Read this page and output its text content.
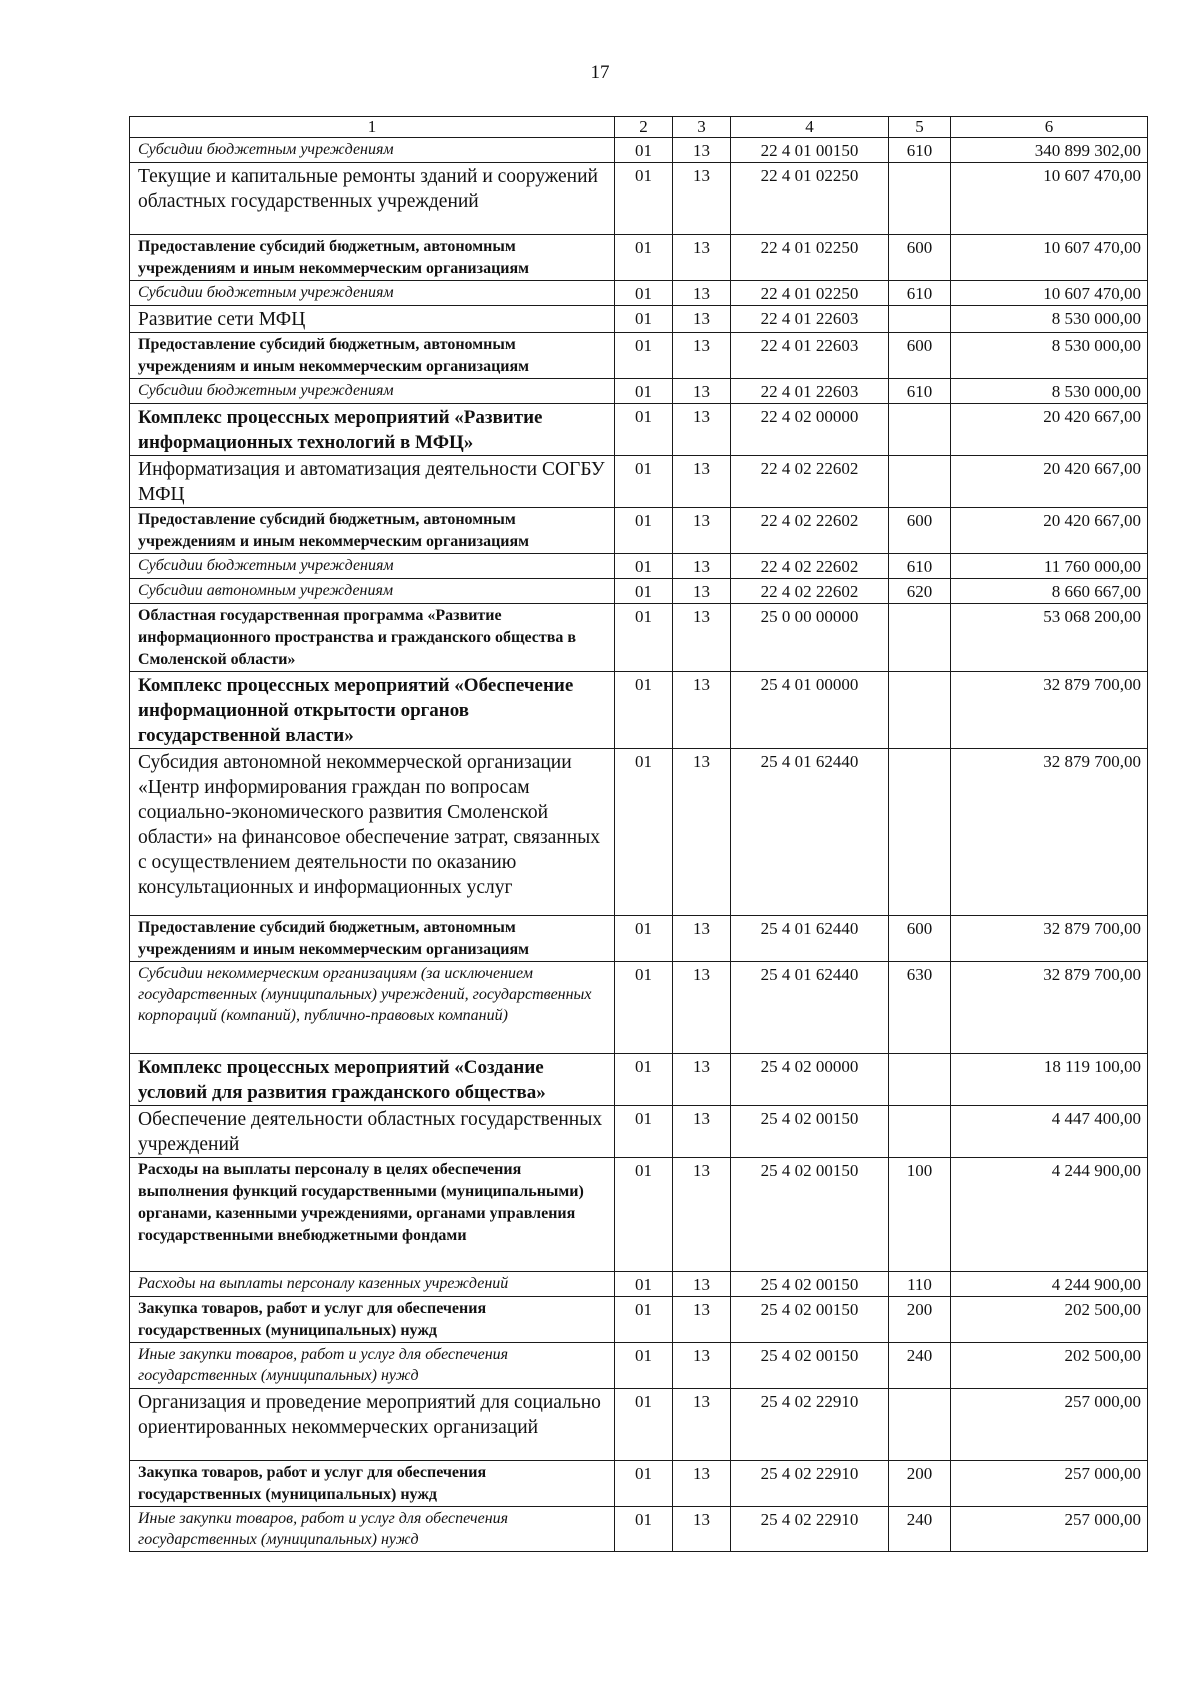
17
1	2	3	4	5	6
Субсидии бюджетным учреждениям	01	13	22 4 01 00150	610	340 899 302,00
Текущие и капитальные ремонты зданий и сооружений областных государственных учреждений	01	13	22 4 01 02250		10 607 470,00
Предоставление субсидий бюджетным, автономным учреждениям и иным некоммерческим организациям	01	13	22 4 01 02250	600	10 607 470,00
Субсидии бюджетным учреждениям	01	13	22 4 01 02250	610	10 607 470,00
Развитие сети МФЦ	01	13	22 4 01 22603		8 530 000,00
Предоставление субсидий бюджетным, автономным учреждениям и иным некоммерческим организациям	01	13	22 4 01 22603	600	8 530 000,00
Субсидии бюджетным учреждениям	01	13	22 4 01 22603	610	8 530 000,00
Комплекс процессных мероприятий «Развитие информационных технологий в МФЦ»	01	13	22 4 02 00000		20 420 667,00
Информатизация и автоматизация деятельности СОГБУ МФЦ	01	13	22 4 02 22602		20 420 667,00
Предоставление субсидий бюджетным, автономным учреждениям и иным некоммерческим организациям	01	13	22 4 02 22602	600	20 420 667,00
Субсидии бюджетным учреждениям	01	13	22 4 02 22602	610	11 760 000,00
Субсидии автономным учреждениям	01	13	22 4 02 22602	620	8 660 667,00
Областная государственная программа «Развитие информационного пространства и гражданского общества в Смоленской области»	01	13	25 0 00 00000		53 068 200,00
Комплекс процессных мероприятий «Обеспечение информационной открытости органов государственной власти»	01	13	25 4 01 00000		32 879 700,00
Субсидия автономной некоммерческой организации «Центр информирования граждан по вопросам социально-экономического развития Смоленской области» на финансовое обеспечение затрат, связанных с осуществлением деятельности по оказанию консультационных и информационных услуг	01	13	25 4 01 62440		32 879 700,00
Предоставление субсидий бюджетным, автономным учреждениям и иным некоммерческим организациям	01	13	25 4 01 62440	600	32 879 700,00
Субсидии некоммерческим организациям (за исключением государственных (муниципальных) учреждений, государственных корпораций (компаний), публично-правовых компаний)	01	13	25 4 01 62440	630	32 879 700,00
Комплекс процессных мероприятий «Создание условий для развития гражданского общества»	01	13	25 4 02 00000		18 119 100,00
Обеспечение деятельности областных государственных учреждений	01	13	25 4 02 00150		4 447 400,00
Расходы на выплаты персоналу в целях обеспечения выполнения функций государственными (муниципальными) органами, казенными учреждениями, органами управления государственными внебюджетными фондами	01	13	25 4 02 00150	100	4 244 900,00
Расходы на выплаты персоналу казенных учреждений	01	13	25 4 02 00150	110	4 244 900,00
Закупка товаров, работ и услуг для обеспечения государственных (муниципальных) нужд	01	13	25 4 02 00150	200	202 500,00
Иные закупки товаров, работ и услуг для обеспечения государственных (муниципальных) нужд	01	13	25 4 02 00150	240	202 500,00
Организация и проведение мероприятий для социально ориентированных некоммерческих организаций	01	13	25 4 02 22910		257 000,00
Закупка товаров, работ и услуг для обеспечения государственных (муниципальных) нужд	01	13	25 4 02 22910	200	257 000,00
Иные закупки товаров, работ и услуг для обеспечения государственных (муниципальных) нужд	01	13	25 4 02 22910	240	257 000,00
